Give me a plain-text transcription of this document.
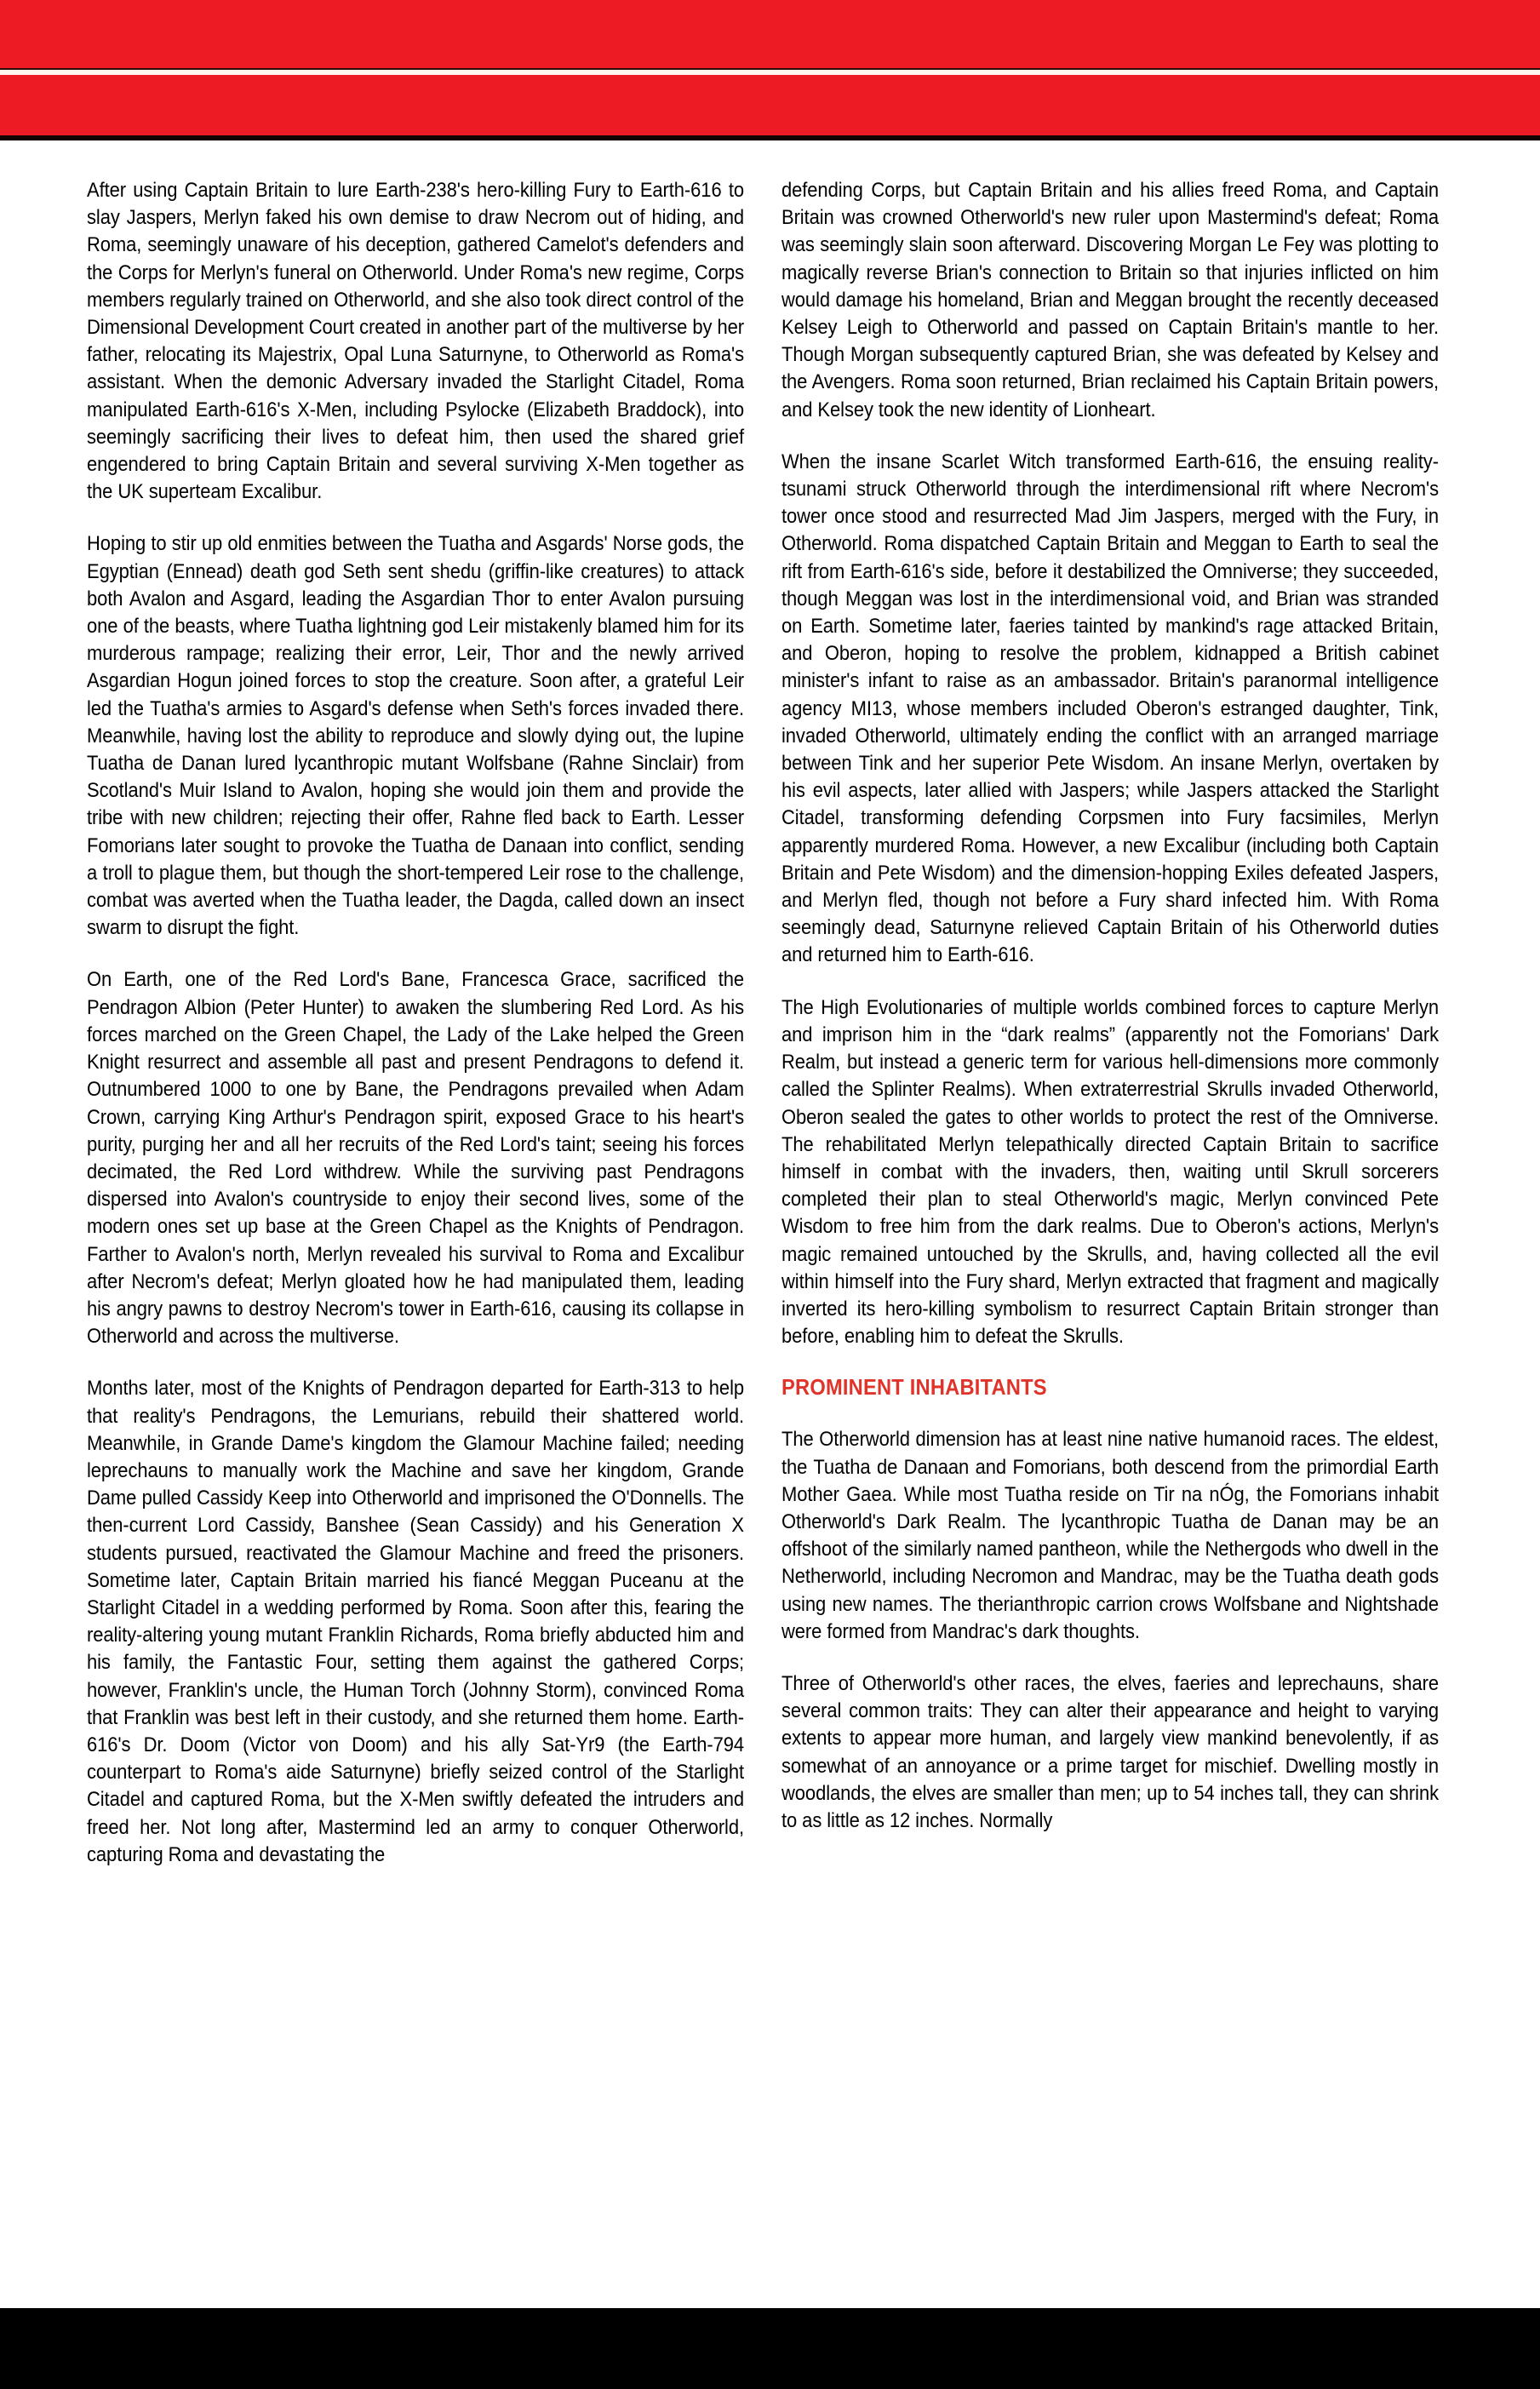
After using Captain Britain to lure Earth-238's hero-killing Fury to Earth-616 to slay Jaspers, Merlyn faked his own demise to draw Necrom out of hiding, and Roma, seemingly unaware of his deception, gathered Camelot's defenders and the Corps for Merlyn's funeral on Otherworld. Under Roma's new regime, Corps members regularly trained on Otherworld, and she also took direct control of the Dimensional Development Court created in another part of the multiverse by her father, relocating its Majestrix, Opal Luna Saturnyne, to Otherworld as Roma's assistant. When the demonic Adversary invaded the Starlight Citadel, Roma manipulated Earth-616's X-Men, including Psylocke (Elizabeth Braddock), into seemingly sacrificing their lives to defeat him, then used the shared grief engendered to bring Captain Britain and several surviving X-Men together as the UK superteam Excalibur.

Hoping to stir up old enmities between the Tuatha and Asgards' Norse gods, the Egyptian (Ennead) death god Seth sent shedu (griffin-like creatures) to attack both Avalon and Asgard, leading the Asgardian Thor to enter Avalon pursuing one of the beasts, where Tuatha lightning god Leir mistakenly blamed him for its murderous rampage; realizing their error, Leir, Thor and the newly arrived Asgardian Hogun joined forces to stop the creature. Soon after, a grateful Leir led the Tuatha's armies to Asgard's defense when Seth's forces invaded there. Meanwhile, having lost the ability to reproduce and slowly dying out, the lupine Tuatha de Danan lured lycanthropic mutant Wolfsbane (Rahne Sinclair) from Scotland's Muir Island to Avalon, hoping she would join them and provide the tribe with new children; rejecting their offer, Rahne fled back to Earth. Lesser Fomorians later sought to provoke the Tuatha de Danaan into conflict, sending a troll to plague them, but though the short-tempered Leir rose to the challenge, combat was averted when the Tuatha leader, the Dagda, called down an insect swarm to disrupt the fight.

On Earth, one of the Red Lord's Bane, Francesca Grace, sacrificed the Pendragon Albion (Peter Hunter) to awaken the slumbering Red Lord. As his forces marched on the Green Chapel, the Lady of the Lake helped the Green Knight resurrect and assemble all past and present Pendragons to defend it. Outnumbered 1000 to one by Bane, the Pendragons prevailed when Adam Crown, carrying King Arthur's Pendragon spirit, exposed Grace to his heart's purity, purging her and all her recruits of the Red Lord's taint; seeing his forces decimated, the Red Lord withdrew. While the surviving past Pendragons dispersed into Avalon's countryside to enjoy their second lives, some of the modern ones set up base at the Green Chapel as the Knights of Pendragon. Farther to Avalon's north, Merlyn revealed his survival to Roma and Excalibur after Necrom's defeat; Merlyn gloated how he had manipulated them, leading his angry pawns to destroy Necrom's tower in Earth-616, causing its collapse in Otherworld and across the multiverse.

Months later, most of the Knights of Pendragon departed for Earth-313 to help that reality's Pendragons, the Lemurians, rebuild their shattered world. Meanwhile, in Grande Dame's kingdom the Glamour Machine failed; needing leprechauns to manually work the Machine and save her kingdom, Grande Dame pulled Cassidy Keep into Otherworld and imprisoned the O'Donnells. The then-current Lord Cassidy, Banshee (Sean Cassidy) and his Generation X students pursued, reactivated the Glamour Machine and freed the prisoners. Sometime later, Captain Britain married his fiancé Meggan Puceanu at the Starlight Citadel in a wedding performed by Roma. Soon after this, fearing the reality-altering young mutant Franklin Richards, Roma briefly abducted him and his family, the Fantastic Four, setting them against the gathered Corps; however, Franklin's uncle, the Human Torch (Johnny Storm), convinced Roma that Franklin was best left in their custody, and she returned them home. Earth-616's Dr. Doom (Victor von Doom) and his ally Sat-Yr9 (the Earth-794 counterpart to Roma's aide Saturnyne) briefly seized control of the Starlight Citadel and captured Roma, but the X-Men swiftly defeated the intruders and freed her. Not long after, Mastermind led an army to conquer Otherworld, capturing Roma and devastating the

defending Corps, but Captain Britain and his allies freed Roma, and Captain Britain was crowned Otherworld's new ruler upon Mastermind's defeat; Roma was seemingly slain soon afterward. Discovering Morgan Le Fey was plotting to magically reverse Brian's connection to Britain so that injuries inflicted on him would damage his homeland, Brian and Meggan brought the recently deceased Kelsey Leigh to Otherworld and passed on Captain Britain's mantle to her. Though Morgan subsequently captured Brian, she was defeated by Kelsey and the Avengers. Roma soon returned, Brian reclaimed his Captain Britain powers, and Kelsey took the new identity of Lionheart.

When the insane Scarlet Witch transformed Earth-616, the ensuing reality-tsunami struck Otherworld through the interdimensional rift where Necrom's tower once stood and resurrected Mad Jim Jaspers, merged with the Fury, in Otherworld. Roma dispatched Captain Britain and Meggan to Earth to seal the rift from Earth-616's side, before it destabilized the Omniverse; they succeeded, though Meggan was lost in the interdimensional void, and Brian was stranded on Earth. Sometime later, faeries tainted by mankind's rage attacked Britain, and Oberon, hoping to resolve the problem, kidnapped a British cabinet minister's infant to raise as an ambassador. Britain's paranormal intelligence agency MI13, whose members included Oberon's estranged daughter, Tink, invaded Otherworld, ultimately ending the conflict with an arranged marriage between Tink and her superior Pete Wisdom. An insane Merlyn, overtaken by his evil aspects, later allied with Jaspers; while Jaspers attacked the Starlight Citadel, transforming defending Corpsmen into Fury facsimiles, Merlyn apparently murdered Roma. However, a new Excalibur (including both Captain Britain and Pete Wisdom) and the dimension-hopping Exiles defeated Jaspers, and Merlyn fled, though not before a Fury shard infected him. With Roma seemingly dead, Saturnyne relieved Captain Britain of his Otherworld duties and returned him to Earth-616.

The High Evolutionaries of multiple worlds combined forces to capture Merlyn and imprison him in the “dark realms” (apparently not the Fomorians' Dark Realm, but instead a generic term for various hell-dimensions more commonly called the Splinter Realms). When extraterrestrial Skrulls invaded Otherworld, Oberon sealed the gates to other worlds to protect the rest of the Omniverse. The rehabilitated Merlyn telepathically directed Captain Britain to sacrifice himself in combat with the invaders, then, waiting until Skrull sorcerers completed their plan to steal Otherworld's magic, Merlyn convinced Pete Wisdom to free him from the dark realms. Due to Oberon's actions, Merlyn's magic remained untouched by the Skrulls, and, having collected all the evil within himself into the Fury shard, Merlyn extracted that fragment and magically inverted its hero-killing symbolism to resurrect Captain Britain stronger than before, enabling him to defeat the Skrulls.

PROMINENT INHABITANTS

The Otherworld dimension has at least nine native humanoid races. The eldest, the Tuatha de Danaan and Fomorians, both descend from the primordial Earth Mother Gaea. While most Tuatha reside on Tir na nÓg, the Fomorians inhabit Otherworld's Dark Realm. The lycanthropic Tuatha de Danan may be an offshoot of the similarly named pantheon, while the Nethergods who dwell in the Netherworld, including Necromon and Mandrac, may be the Tuatha death gods using new names. The therianthropic carrion crows Wolfsbane and Nightshade were formed from Mandrac's dark thoughts.

Three of Otherworld's other races, the elves, faeries and leprechauns, share several common traits: They can alter their appearance and height to varying extents to appear more human, and largely view mankind benevolently, if as somewhat of an annoyance or a prime target for mischief. Dwelling mostly in woodlands, the elves are smaller than men; up to 54 inches tall, they can shrink to as little as 12 inches. Normally
